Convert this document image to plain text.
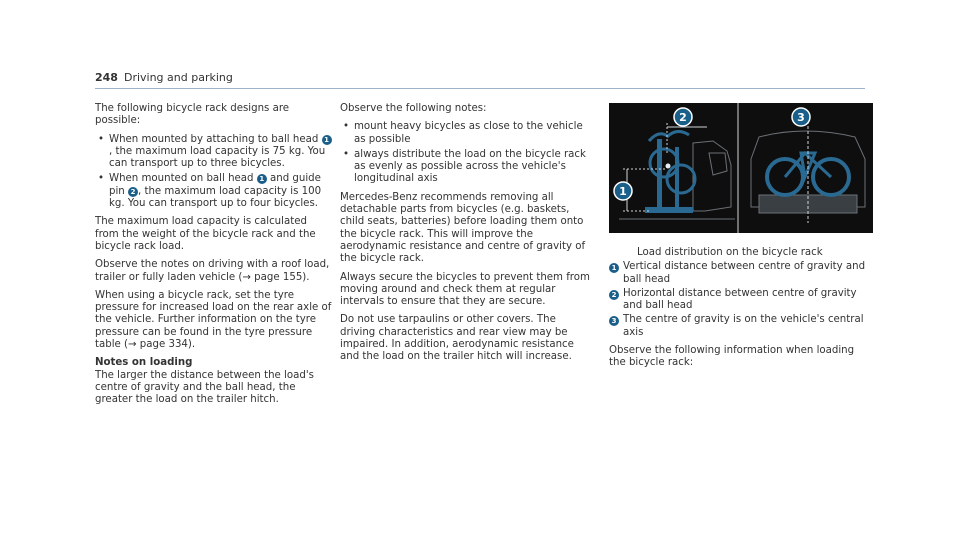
248 Driving and parking

The following bicycle rack designs are possible:

• When mounted by attaching to ball head 1, the maximum load capacity is 75 kg. You can transport up to three bicycles.
• When mounted on ball head 1 and guide pin 2 , the maximum load capacity is 100 kg. You can transport up to four bicycles.

The maximum load capacity is calculated from the weight of the bicycle rack and the bicycle rack load.

Observe the notes on driving with a roof load, trailer or fully laden vehicle (→ page 155).

When using a bicycle rack, set the tyre pressure for increased load on the rear axle of the vehicle. Further information on the tyre pressure can be found in the tyre pressure table (→ page 334).

Notes on loading

The larger the distance between the load's centre of gravity and the ball head, the greater the load on the trailer hitch.

Observe the following notes:

• mount heavy bicycles as close to the vehicle as possible
• always distribute the load on the bicycle rack as evenly as possible across the vehicle's longitudinal axis

Mercedes-Benz recommends removing all detachable parts from bicycles (e.g. baskets, child seats, batteries) before loading them onto the bicycle rack. This will improve the aerodynamic resistance and centre of gravity of the bicycle rack.

Always secure the bicycles to prevent them from moving around and check them at regular intervals to ensure that they are secure.

Do not use tarpaulins or other covers. The driving characteristics and rear view may be impaired. In addition, aerodynamic resistance and the load on the trailer hitch will increase.

1
2	3
Load distribution on the bicycle rack
1 Vertical distance between centre of gravity and ball head
2 Horizontal distance between centre of gravity and ball head
3 The centre of gravity is on the vehicle's central axis
Observe the following information when loading the bicycle rack:
